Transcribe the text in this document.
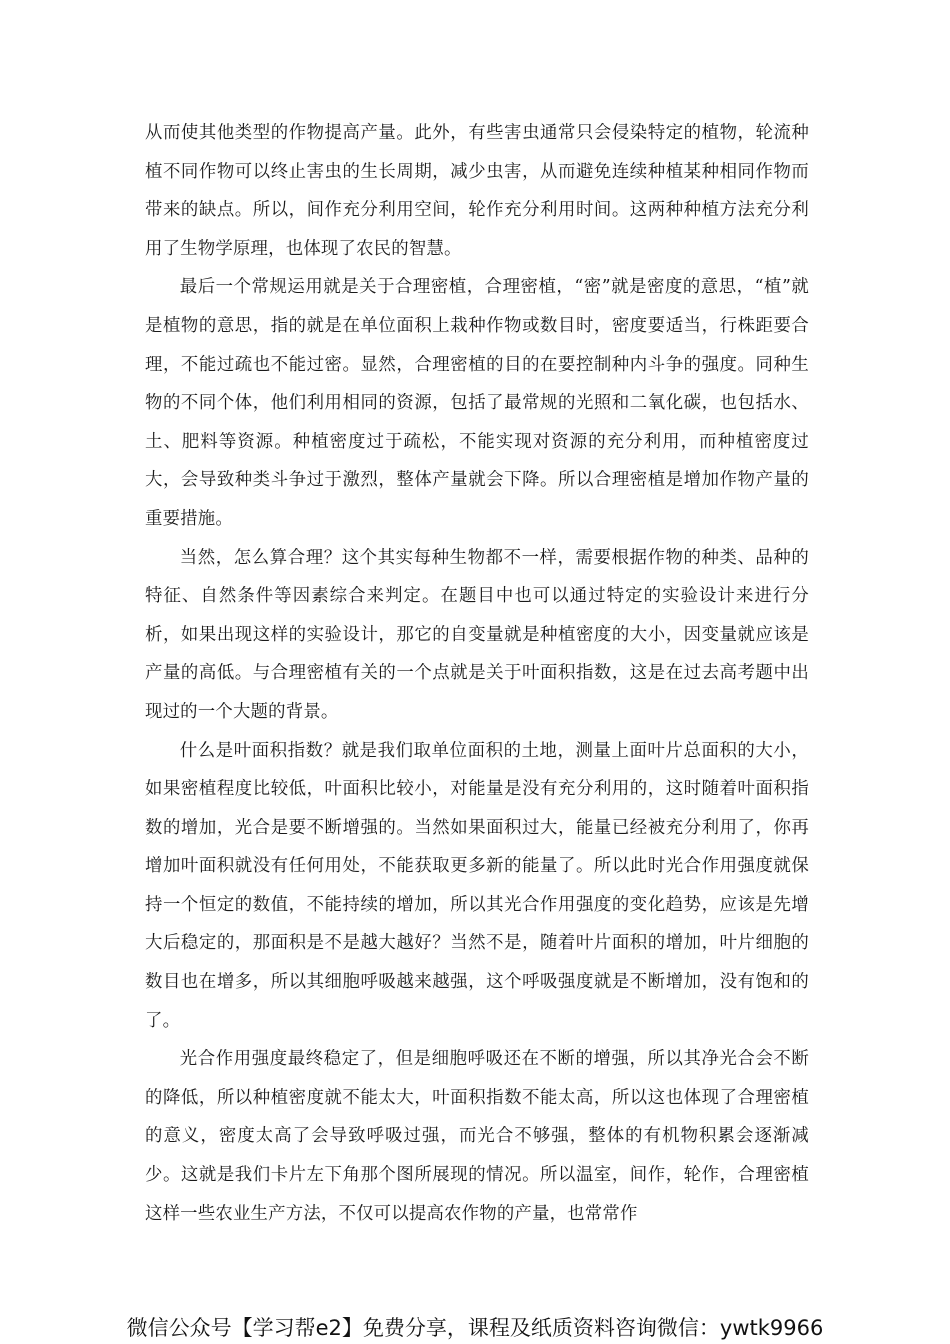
从而使其他类型的作物提高产量。此外，有些害虫通常只会侵染特定的植物，轮流种植不同作物可以终止害虫的生长周期，减少虫害，从而避免连续种植某种相同作物而带来的缺点。所以，间作充分利用空间，轮作充分利用时间。这两种种植方法充分利用了生物学原理，也体现了农民的智慧。

最后一个常规运用就是关于合理密植，合理密植，“密”就是密度的意思，“植”就是植物的意思，指的就是在单位面积上栽种作物或数目时，密度要适当，行株距要合理，不能过疏也不能过密。显然，合理密植的目的在要控制种内斗争的强度。同种生物的不同个体，他们利用相同的资源，包括了最常规的光照和二氧化碳，也包括水、土、肥料等资源。种植密度过于疏松，不能实现对资源的充分利用，而种植密度过大，会导致种类斗争过于激烈，整体产量就会下降。所以合理密植是增加作物产量的重要措施。

当然，怎么算合理？这个其实每种生物都不一样，需要根据作物的种类、品种的特征、自然条件等因素综合来判定。在题目中也可以通过特定的实验设计来进行分析，如果出现这样的实验设计，那它的自变量就是种植密度的大小，因变量就应该是产量的高低。与合理密植有关的一个点就是关于叶面积指数，这是在过去高考题中出现过的一个大题的背景。

什么是叶面积指数？就是我们取单位面积的土地，测量上面叶片总面积的大小，如果密植程度比较低，叶面积比较小，对能量是没有充分利用的，这时随着叶面积指数的增加，光合是要不断增强的。当然如果面积过大，能量已经被充分利用了，你再增加叶面积就没有任何用处，不能获取更多新的能量了。所以此时光合作用强度就保持一个恒定的数值，不能持续的增加，所以其光合作用强度的变化趋势，应该是先增大后稳定的，那面积是不是越大越好？当然不是，随着叶片面积的增加，叶片细胞的数目也在增多，所以其细胞呼吸越来越强，这个呼吸强度就是不断增加，没有饱和的了。

光合作用强度最终稳定了，但是细胞呼吸还在不断的增强，所以其净光合会不断的降低，所以种植密度就不能太大，叶面积指数不能太高，所以这也体现了合理密植的意义，密度太高了会导致呼吸过强，而光合不够强，整体的有机物积累会逐渐减少。这就是我们卡片左下角那个图所展现的情况。所以温室，间作，轮作，合理密植这样一些农业生产方法，不仅可以提高农作物的产量，也常常作

微信公众号【学习帮e2】免费分享，课程及纸质资料咨询微信：ywtk9966
